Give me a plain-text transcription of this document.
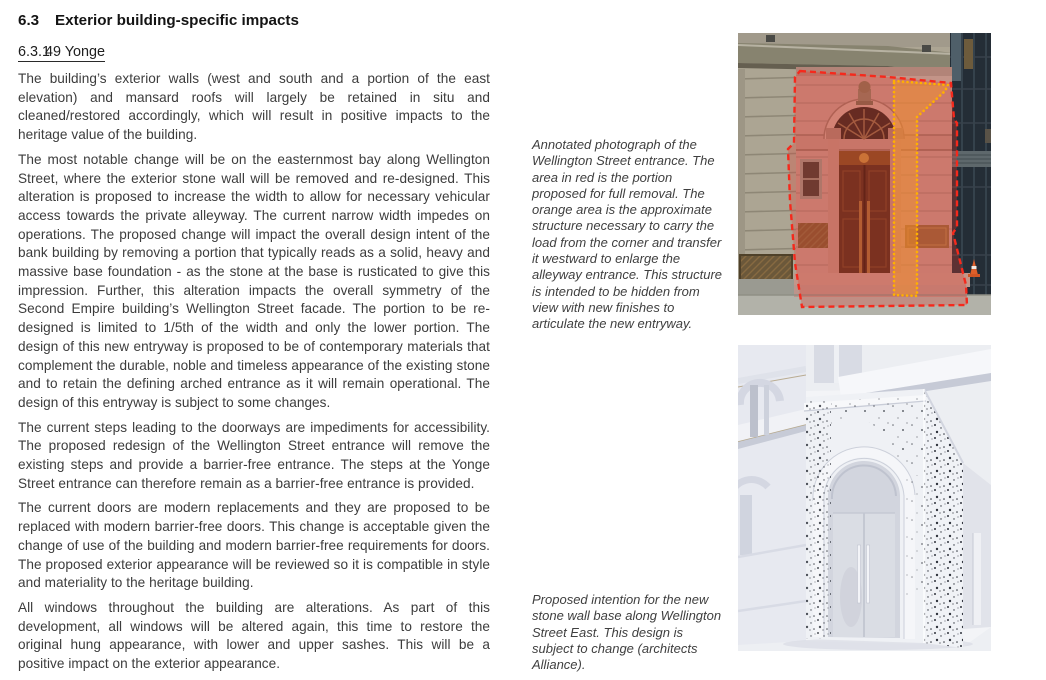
6.3 Exterior building-specific impacts
6.3.149 Yonge

The building’s exterior walls (west and south and a portion of the east elevation) and mansard roofs will largely be retained in situ and cleaned/restored accordingly, which will result in positive impacts to the heritage value of the building.

The most notable change will be on the easternmost bay along Wellington Street, where the exterior stone wall will be removed and re-designed. This alteration is proposed to increase the width to allow for necessary vehicular access towards the private alleyway. The current narrow width impedes on operations. The proposed change will impact the overall design intent of the bank building by removing a portion that typically reads as a solid, heavy and massive base foundation - as the stone at the base is rusticated to give this impression. Further, this alteration impacts the overall symmetry of the Second Empire building’s Wellington Street facade. The portion to be re-designed is limited to 1/5th of the width and only the lower portion. The design of this new entryway is proposed to be of contemporary materials that complement the durable, noble and timeless appearance of the existing stone and to retain the defining arched entrance as it will remain operational. The design of this entryway is subject to some changes.

The current steps leading to the doorways are impediments for accessibility. The proposed redesign of the Wellington Street entrance will remove the existing steps and provide a barrier-free entrance. The steps at the Yonge Street entrance can therefore remain as a barrier-free entrance is provided.

The current doors are modern replacements and they are proposed to be replaced with modern barrier-free doors. This change is acceptable given the change of use of the building and modern barrier-free requirements for doors. The proposed exterior appearance will be reviewed so it is compatible in style and materiality to the heritage building.

All windows throughout the building are alterations. As part of this development, all windows will be altered again, this time to restore the original hung appearance, with lower and upper sashes. This will be a positive impact on the exterior appearance.

Annotated photograph of the Wellington Street entrance. The area in red is the portion proposed for full removal. The orange area is the approximate structure necessary to carry the load from the corner and transfer it westward to enlarge the alleyway entrance. This structure is intended to be hidden from view with new finishes to articulate the new entryway.
Proposed intention for the new stone wall base along Wellington Street East. This design is subject to change (architects Alliance).
